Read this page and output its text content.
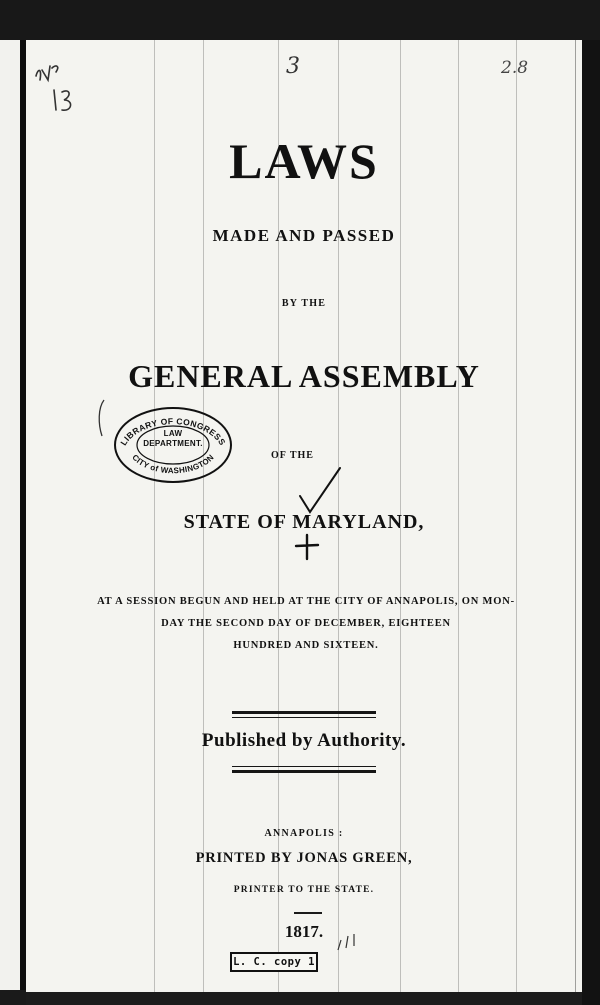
3	2.8
LAWS
MADE AND PASSED
BY THE
GENERAL ASSEMBLY
LIBRARY OF CONGRESS
CITY of WASHINGTON
LAW
DEPARTMENT.
OF THE
STATE OF MARYLAND,
AT A SESSION BEGUN AND HELD AT THE CITY OF ANNAPOLIS, ON MON-
DAY THE SECOND DAY OF DECEMBER, EIGHTEEN
HUNDRED AND SIXTEEN.
Published by Authority.
ANNAPOLIS :
PRINTED BY JONAS GREEN,
PRINTER TO THE STATE.
1817.
L. C. copy 1
